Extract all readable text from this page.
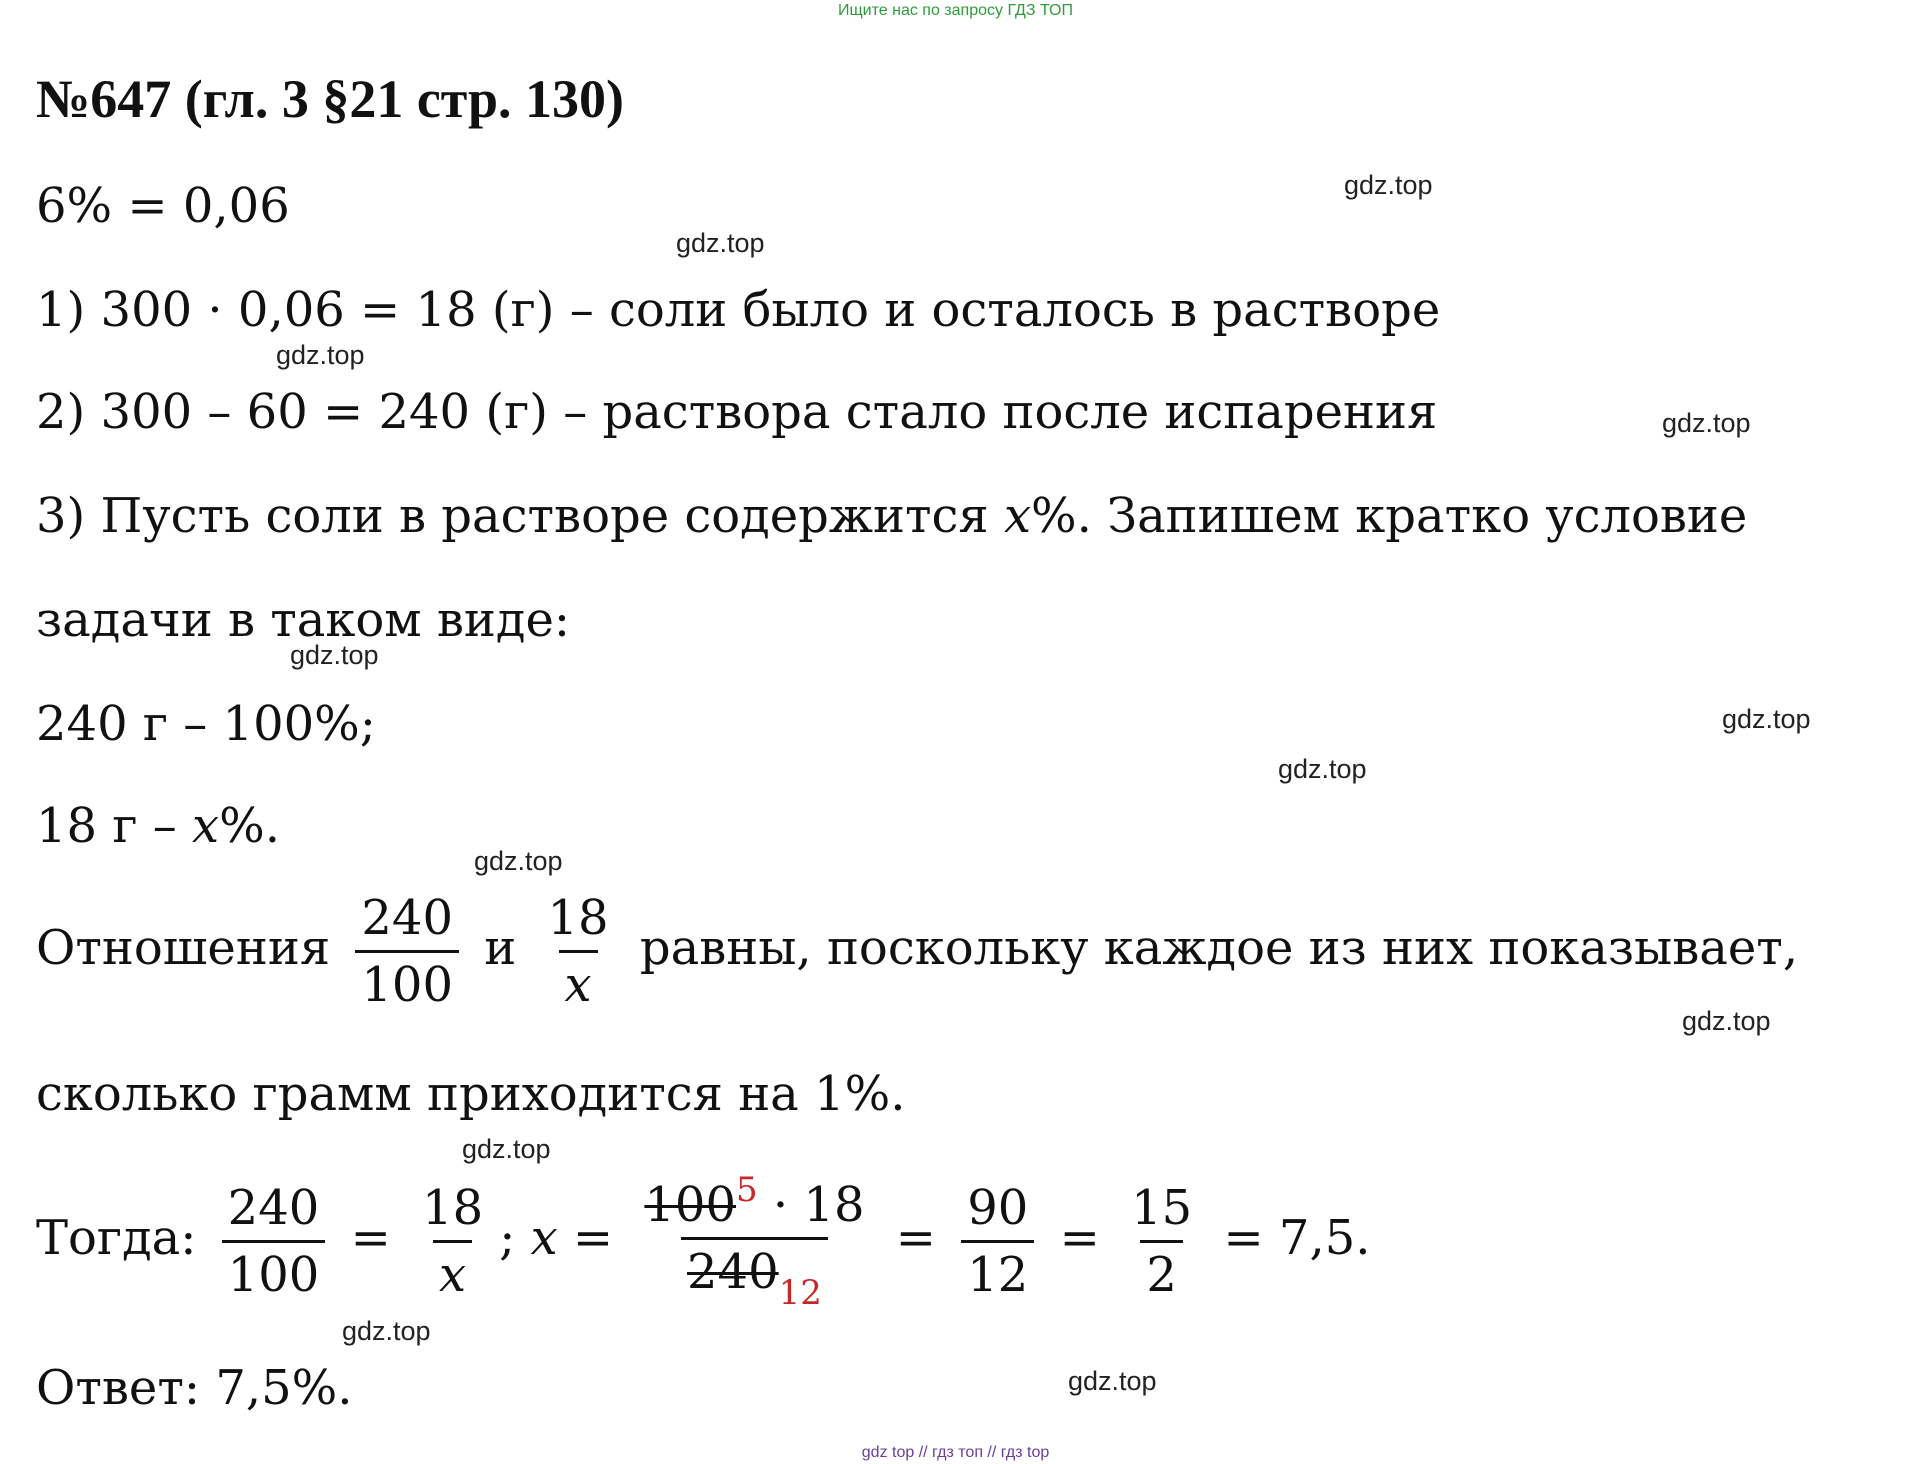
Ищите нас по запросу ГДЗ ТОП
№647 (гл. 3 §21 стр. 130)
6% = 0,06
1) 300 · 0,06 = 18 (г) – соли было и осталось в растворе
2) 300 – 60 = 240 (г) – раствора стало после испарения
3) Пусть соли в растворе содержится x%. Запишем кратко условие
задачи в таком виде:
240 г – 100%;
18 г – x%.
Отношения $\frac{240}{100}$ и $\frac{18}{x}$ равны, поскольку каждое из них показывает,
сколько грамм приходится на 1%.
Тогда: $\frac{240}{100} = \frac{18}{x}$ ; $x = \frac{100^5 \cdot 18}{240_{12}} = \frac{90}{12} = \frac{15}{2} = 7,5$.
Ответ: 7,5%.
gdz.top
gdz.top
gdz.top
gdz.top
gdz.top
gdz.top
gdz.top
gdz.top
gdz.top
gdz.top
gdz.top
gdz.top
gdz top // гдз топ // гдз top
